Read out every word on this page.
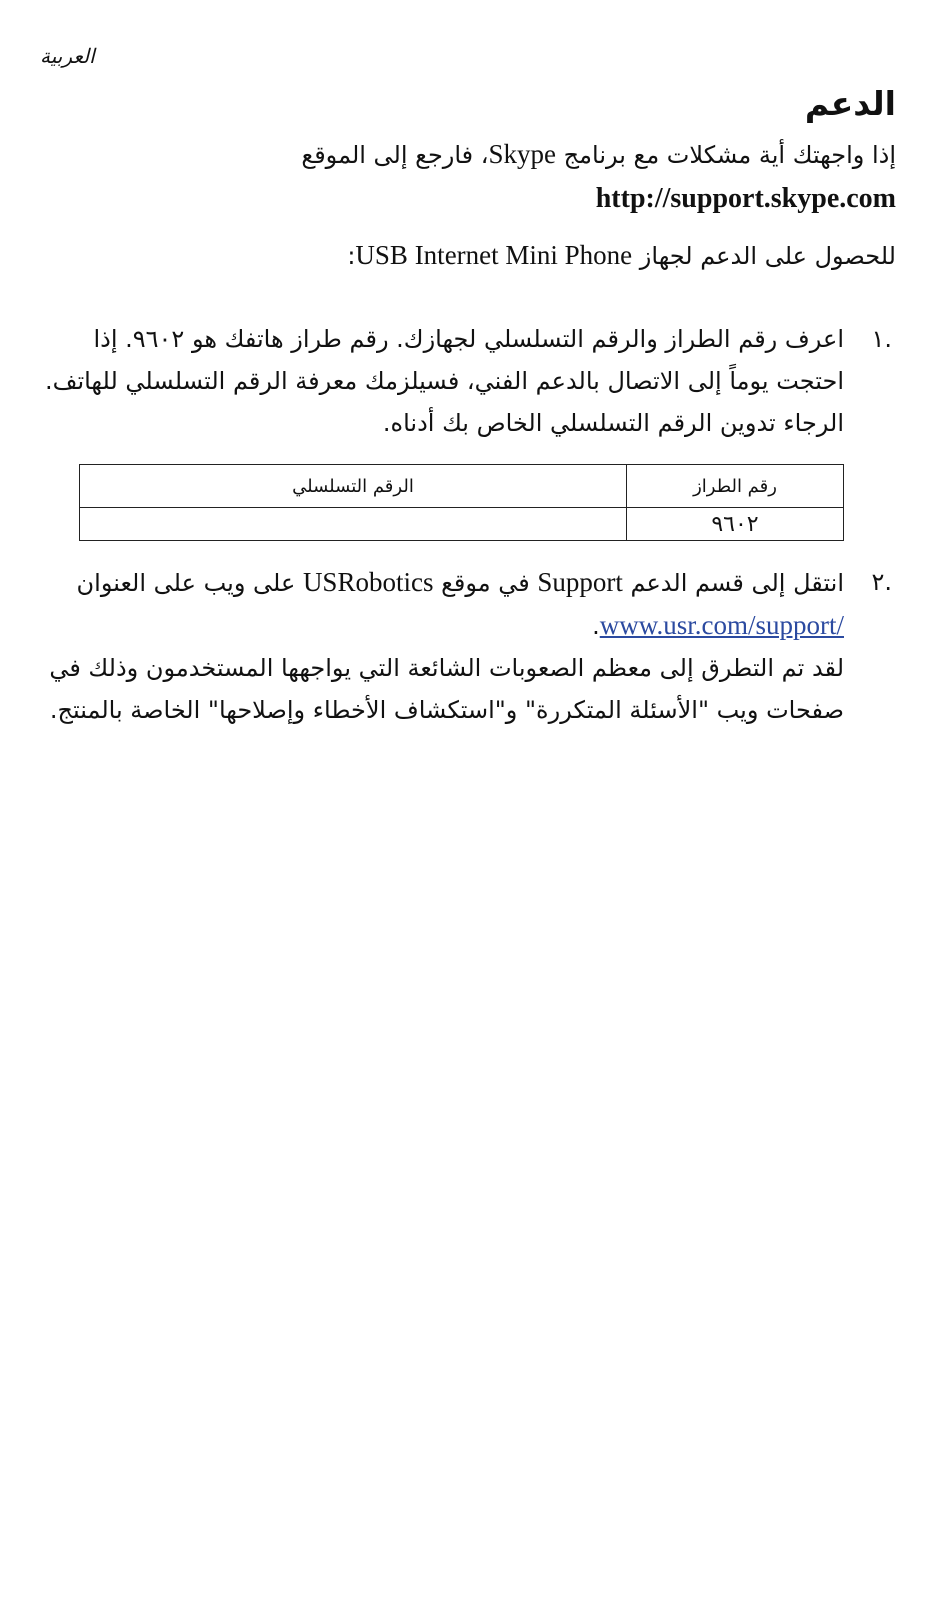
العربية
الدعم

إذا واجهتك أية مشكلات مع برنامج Skype، فارجع إلى الموقع
http://support.skype.com

للحصول على الدعم لجهاز USB Internet Mini Phone:

.١
اعرف رقم الطراز والرقم التسلسلي لجهازك. رقم طراز هاتفك هو ٩٦٠٢. إذا احتجت يوماً إلى الاتصال بالدعم الفني، فسيلزمك معرفة الرقم التسلسلي للهاتف. الرجاء تدوين الرقم التسلسلي الخاص بك أدناه.
رقم الطراز	الرقم التسلسلي
٩٦٠٢	
.٢
انتقل إلى قسم الدعم Support في موقع USRobotics على ويب على العنوان www.usr.com/support/.
لقد تم التطرق إلى معظم الصعوبات الشائعة التي يواجهها المستخدمون وذلك في صفحات ويب "الأسئلة المتكررة" و"استكشاف الأخطاء وإصلاحها" الخاصة بالمنتج.
